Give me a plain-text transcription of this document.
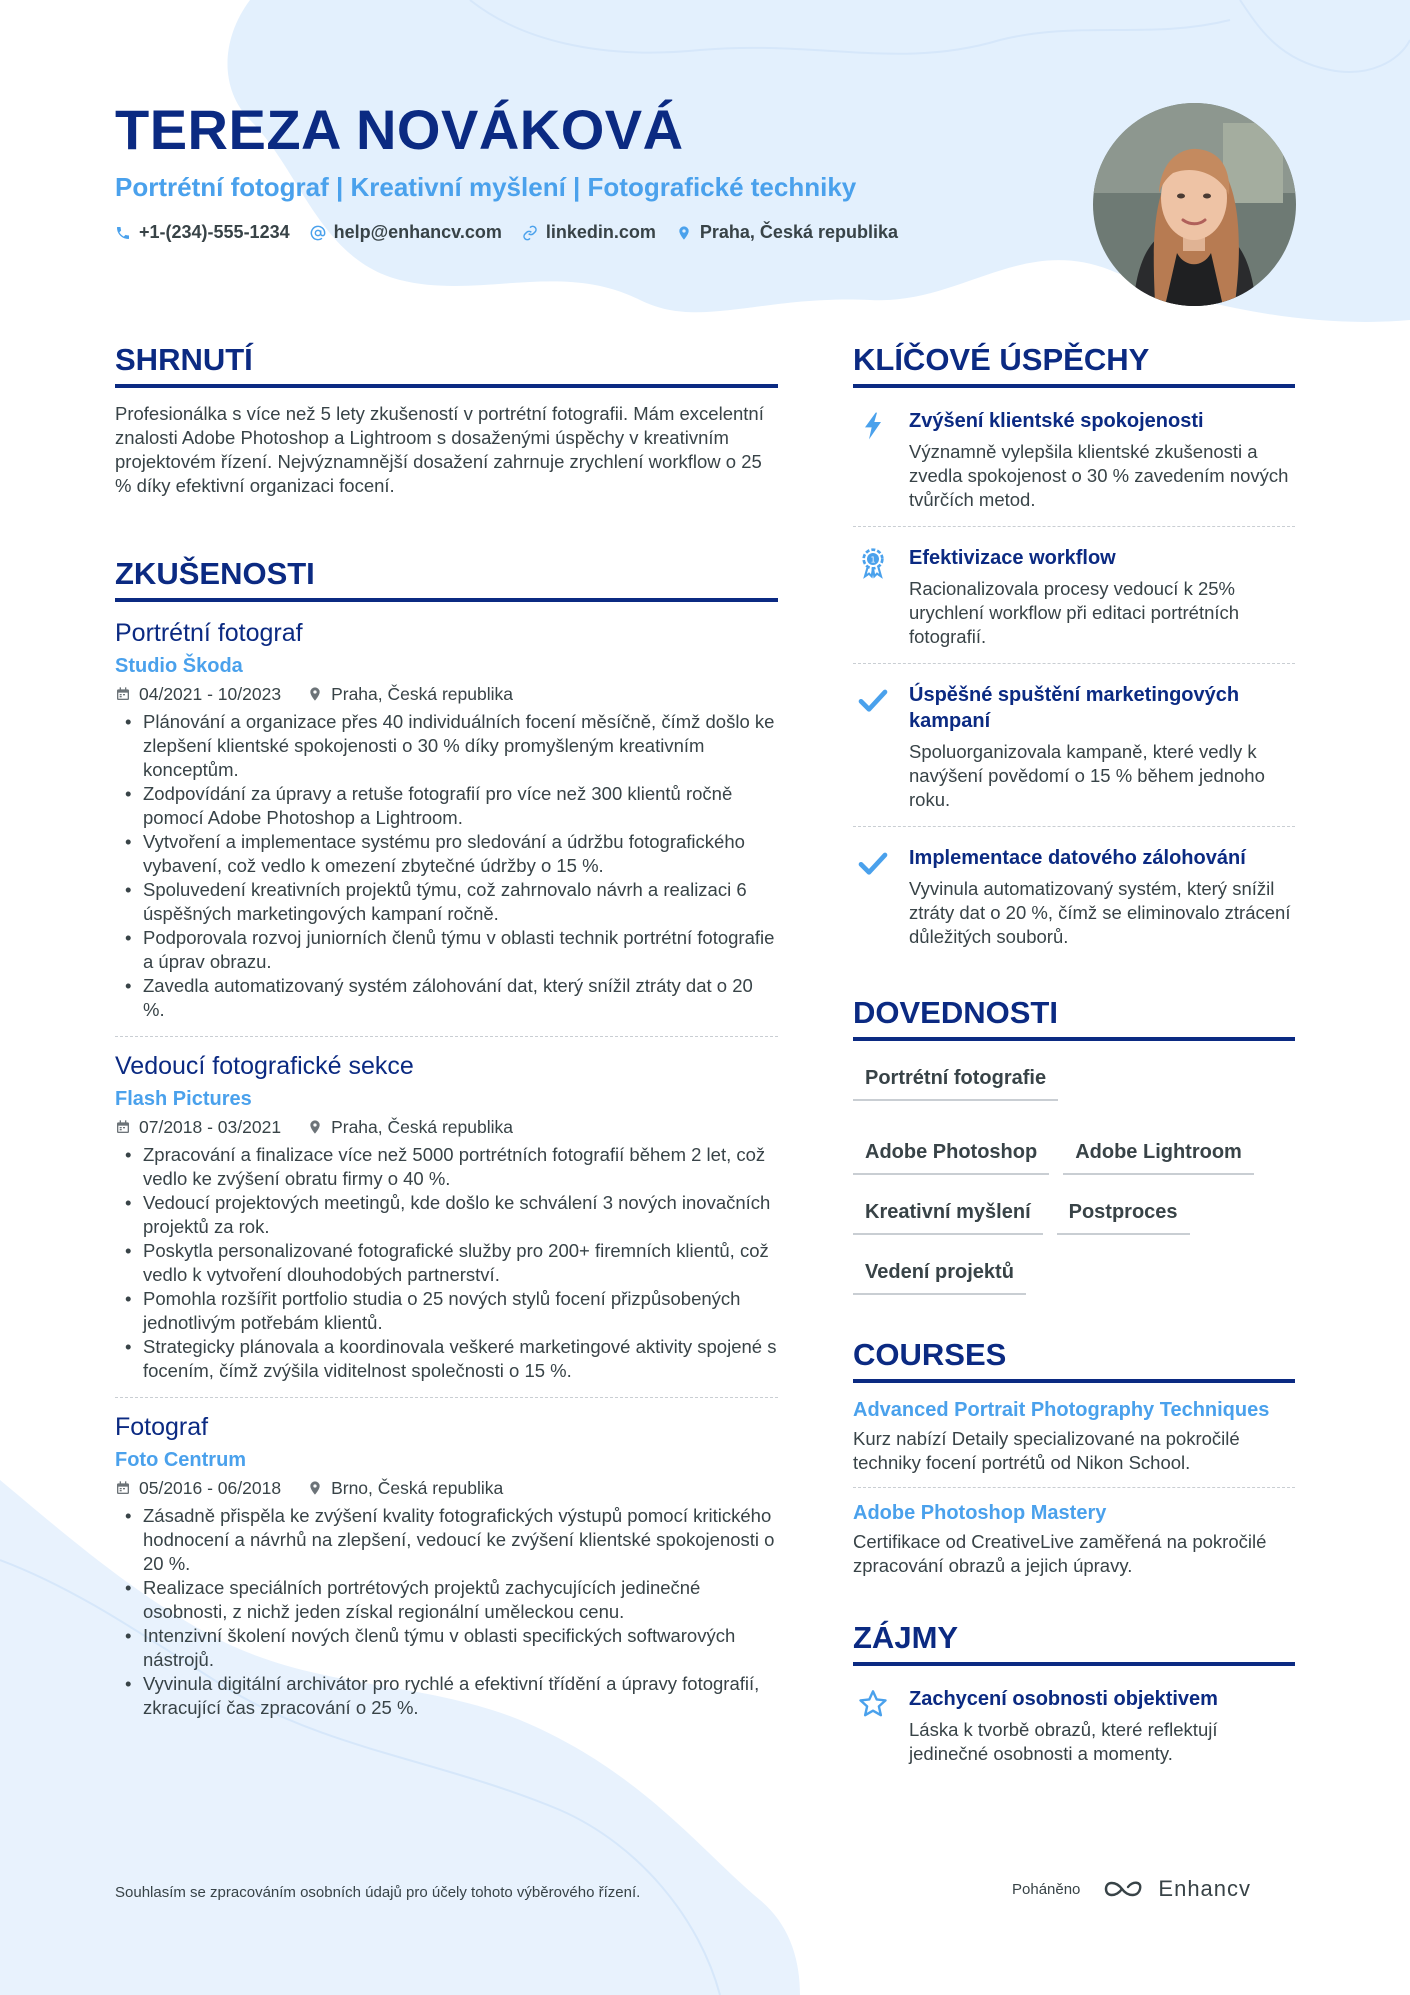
TEREZA NOVÁKOVÁ
Portrétní fotograf | Kreativní myšlení | Fotografické techniky
+1-(234)-555-1234 help@enhancv.com linkedin.com Praha, Česká republika
SHRNUTÍ

Profesionálka s více než 5 lety zkušeností v portrétní fotografii. Mám excelentní znalosti Adobe Photoshop a Lightroom s dosaženými úspěchy v kreativním projektovém řízení. Nejvýznamnější dosažení zahrnuje zrychlení workflow o 25 % díky efektivní organizaci focení.

ZKUŠENOSTI
Portrétní fotograf
Studio Škoda
04/2021 - 10/2023	Praha, Česká republika
• Plánování a organizace přes 40 individuálních focení měsíčně, čímž došlo ke zlepšení klientské spokojenosti o 30 % díky promyšleným kreativním konceptům.
• Zodpovídání za úpravy a retuše fotografií pro více než 300 klientů ročně pomocí Adobe Photoshop a Lightroom.
• Vytvoření a implementace systému pro sledování a údržbu fotografického vybavení, což vedlo k omezení zbytečné údržby o 15 %.
• Spoluvedení kreativních projektů týmu, což zahrnovalo návrh a realizaci 6 úspěšných marketingových kampaní ročně.
• Podporovala rozvoj juniorních členů týmu v oblasti technik portrétní fotografie a úprav obrazu.
• Zavedla automatizovaný systém zálohování dat, který snížil ztráty dat o 20 %.
Vedoucí fotografické sekce
Flash Pictures
07/2018 - 03/2021	Praha, Česká republika
• Zpracování a finalizace více než 5000 portrétních fotografií během 2 let, což vedlo ke zvýšení obratu firmy o 40 %.
• Vedoucí projektových meetingů, kde došlo ke schválení 3 nových inovačních projektů za rok.
• Poskytla personalizované fotografické služby pro 200+ firemních klientů, což vedlo k vytvoření dlouhodobých partnerství.
• Pomohla rozšířit portfolio studia o 25 nových stylů focení přizpůsobených jednotlivým potřebám klientů.
• Strategicky plánovala a koordinovala veškeré marketingové aktivity spojené s focením, čímž zvýšila viditelnost společnosti o 15 %.
Fotograf
Foto Centrum
05/2016 - 06/2018	Brno, Česká republika
• Zásadně přispěla ke zvýšení kvality fotografických výstupů pomocí kritického hodnocení a návrhů na zlepšení, vedoucí ke zvýšení klientské spokojenosti o 20 %.
• Realizace speciálních portrétových projektů zachycujících jedinečné osobnosti, z nichž jeden získal regionální uměleckou cenu.
• Intenzivní školení nových členů týmu v oblasti specifických softwarových nástrojů.
• Vyvinula digitální archivátor pro rychlé a efektivní třídění a úpravy fotografií, zkracující čas zpracování o 25 %.
KLÍČOVÉ ÚSPĚCHY
Zvýšení klientské spokojenosti
Významně vylepšila klientské zkušenosti a zvedla spokojenost o 30 % zavedením nových tvůrčích metod.
1 Efektivizace workflow
Racionalizovala procesy vedoucí k 25% urychlení workflow při editaci portrétních fotografií.
Úspěšné spuštění marketingových kampaní
Spoluorganizovala kampaně, které vedly k navýšení povědomí o 15 % během jednoho roku.
Implementace datového zálohování
Vyvinula automatizovaný systém, který snížil ztráty dat o 20 %, čímž se eliminovalo ztrácení důležitých souborů.
DOVEDNOSTI
Portrétní fotografie
Adobe Photoshop	Adobe Lightroom
Kreativní myšlení	Postproces
Vedení projektů
COURSES
Advanced Portrait Photography Techniques
Kurz nabízí Detaily specializované na pokročilé techniky focení portrétů od Nikon School.
Adobe Photoshop Mastery
Certifikace od CreativeLive zaměřená na pokročilé zpracování obrazů a jejich úpravy.
ZÁJMY
Zachycení osobnosti objektivem
Láska k tvorbě obrazů, které reflektují jedinečné osobnosti a momenty.
Souhlasím se zpracováním osobních údajů pro účely tohoto výběrového řízení.	Poháněno	Enhancv
